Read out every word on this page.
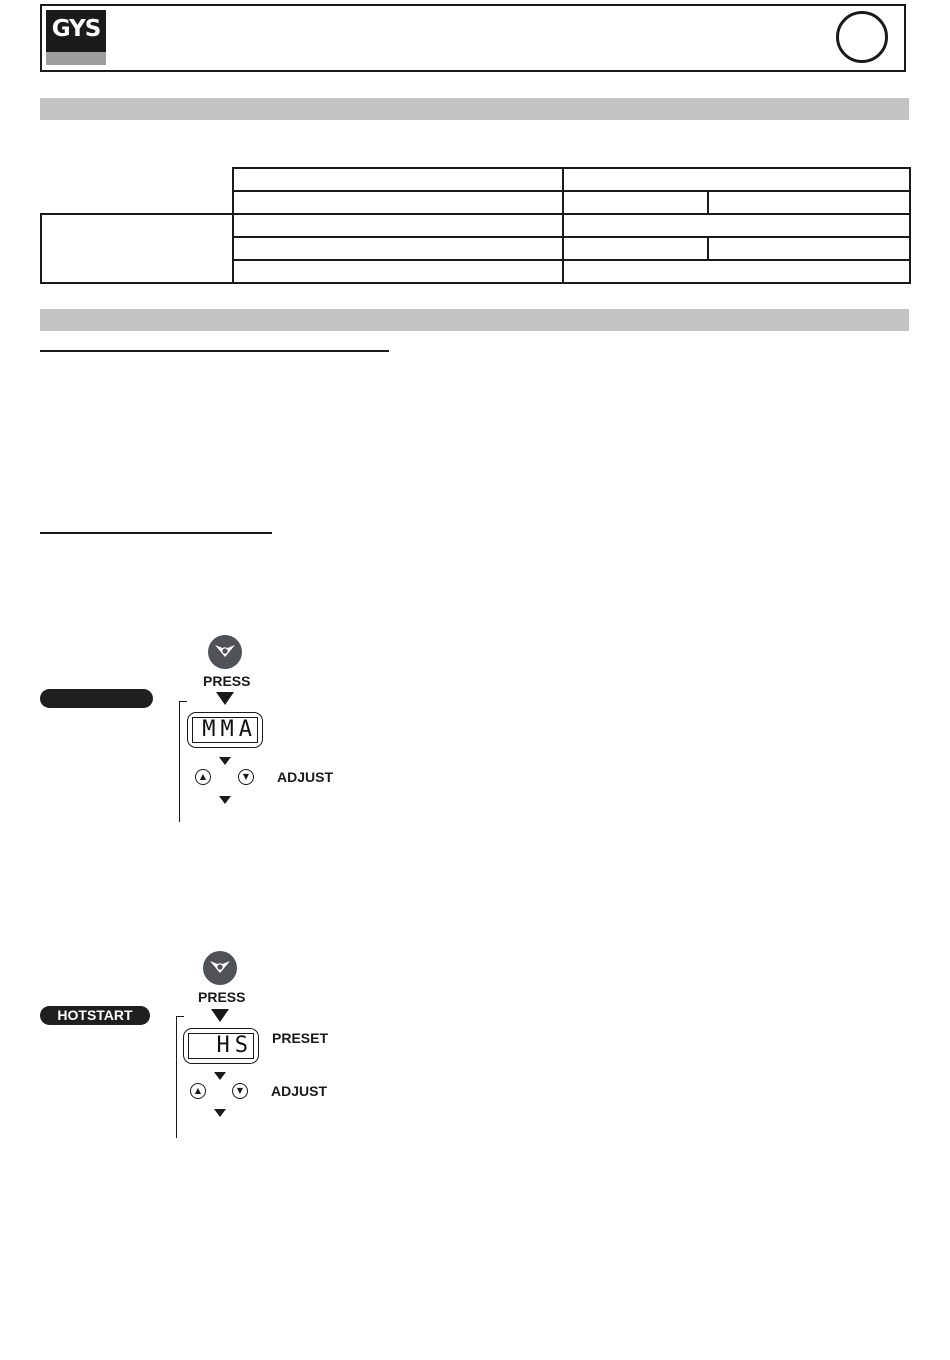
GYS

PRESS
MMA
▲	▼	ADJUST
HOTSTART
PRESS
HS PRESET
▲	▼	ADJUST
